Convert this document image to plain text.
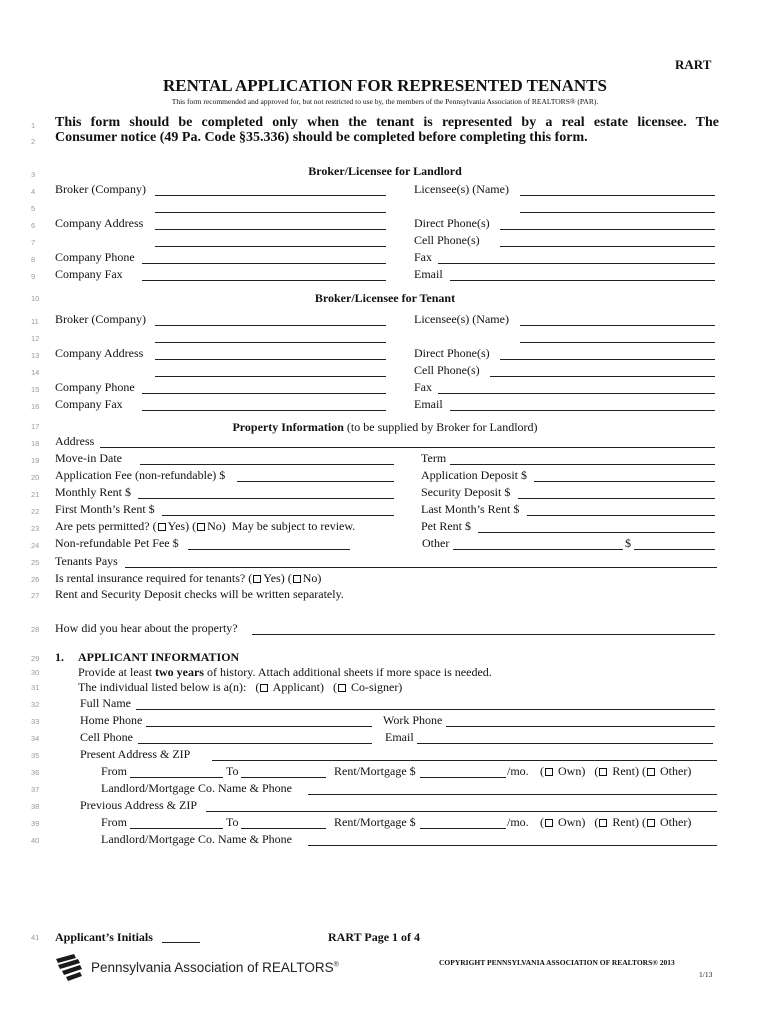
RART
RENTAL APPLICATION FOR REPRESENTED TENANTS
This form recommended and approved for, but not restricted to use by, the members of the Pennsylvania Association of REALTORS® (PAR).
This form should be completed only when the tenant is represented by a real estate licensee. The
Consumer notice (49 Pa. Code §35.336) should be completed before completing this form.
1
2
3
4
5
6
7
8
9
10
11
12
13
14
15
16
17
18
19
20
21
22
23
24
25
26
27
28
29
30
31
32
33
34
35
36
37
38
39
40
41
Broker/Licensee for Landlord
Broker (Company)	Licensee(s) (Name)
Company Address	Direct Phone(s)
Cell Phone(s)
Company Phone	Fax
Company Fax	Email
Broker/Licensee for Tenant
Broker (Company)	Licensee(s) (Name)
Company Address	Direct Phone(s)
Cell Phone(s)
Company Phone	Fax
Company Fax	Email
Property Information (to be supplied by Broker for Landlord)
Address
Move-in Date	Term
Application Fee (non-refundable) $	Application Deposit $
Monthly Rent $	Security Deposit $
First Month’s Rent $	Last Month’s Rent $
Are pets permitted? ( Yes) ( No) May be subject to review.	Pet Rent $
Non-refundable Pet Fee $	Other	$
Tenants Pays
Is rental insurance required for tenants? ( Yes) ( No)
Rent and Security Deposit checks will be written separately.
How did you hear about the property?
1. APPLICANT INFORMATION
Provide at least two years of history. Attach additional sheets if more space is needed.
The individual listed below is a(n):   ( Applicant)   ( Co-signer)
Full Name
Home Phone	Work Phone
Cell Phone	Email
Present Address & ZIP
From	To	Rent/Mortgage $	/mo. ( Own)   ( Rent) ( Other)
Landlord/Mortgage Co. Name & Phone
Previous Address & ZIP
From	To	Rent/Mortgage $	/mo. ( Own)   ( Rent) ( Other)
Landlord/Mortgage Co. Name & Phone
Applicant’s Initials	RART Page 1 of 4
Pennsylvania Association of REALTORS®	COPYRIGHT PENNSYLVANIA ASSOCIATION OF REALTORS® 2013
1/13
